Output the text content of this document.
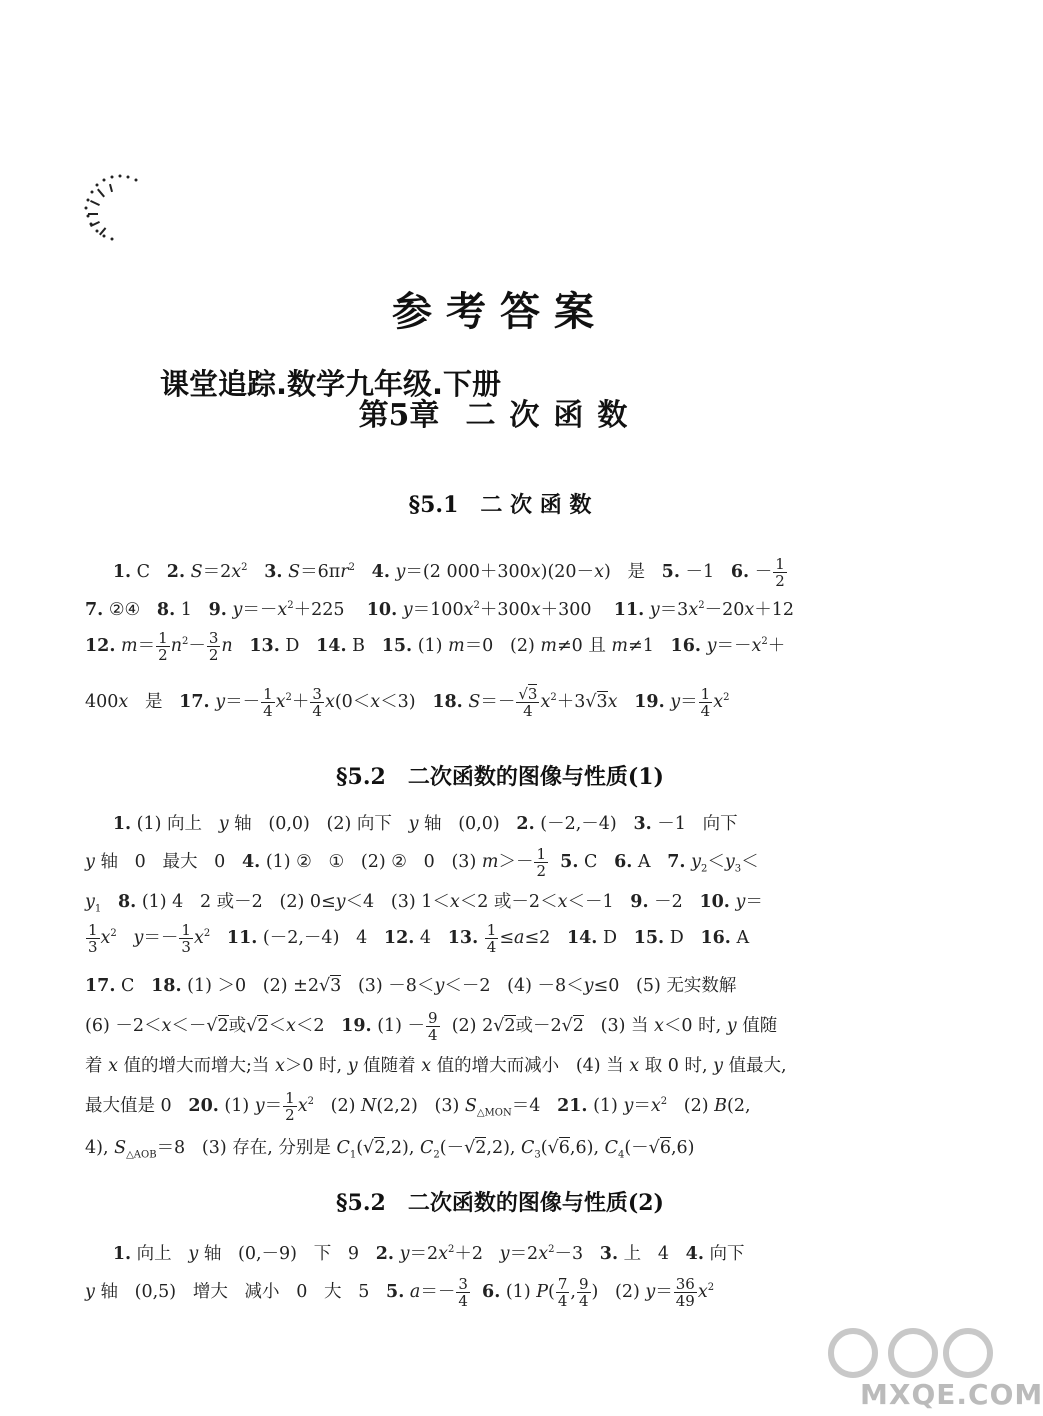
课堂追踪.数学九年级.下册
参考答案
第5章 二次函数
§5.1　二 次 函 数
1. C   2. $S=2x^2$ 3. $S=6\pi r^2$ 4. y＝(2 000＋300x)(20－x)   是   5. －1   6. － $\frac{1}{2}$
7. ②④   8. 1   9. $y=-x^2+225$    10. $y=100x^2+300x+300$    11. $y=3x^2-20x+12$
12. $m= \frac{1}{2} n^2- \frac{3}{2}$ n 13. D   14. B   15. (1) m＝0   (2) m≠0 且 m≠1   16. $y=-x^2+$
400x   是   17. $y=- \frac{1}{4} x^2+ \frac{3}{4} x(0<x<3)$   18. $S=- \frac{√3}{4} x^2+3√3x$ 19. $y= \frac{1}{4} x^2$
§5.2　二次函数的图像与性质(1)
1. (1) 向上   y 轴   (0,0)   (2) 向下   y 轴   (0,0)   2. (－2,－4)   3. －1   向下
y 轴   0   最大   0   4. (1) ②   ①   (2) ②   0   (3) $m>- \frac{1}{2} 5$. C   6. A   7. $y_2<y_3<$
$y_1$ 8. (1) 4   2 或－2   (2) 0≤y＜4   (3) 1＜x＜2 或－2＜x＜－1   9. －2   10. y＝
$\frac{1}{3} x^2$ $y=- \frac{1}{3} x^2$ 11. (－2,－4)   4   12. 4   13. $\frac{1}{4} \le a\le 2$   14. D   15. D   16. A
17. C   18. (1) ＞0   (2) ±2√3   (3) －8＜y＜－2   (4) －8＜y≤0   (5) 无实数解
(6) －2＜x＜－√2或√2＜x＜2   19. $(1) - \frac{9}{4} (2)$ 2√2或－2√2   (3) 当 x＜0 时, y 值随
着 x 值的增大而增大;当 x＞0 时, y 值随着 x 值的增大而减小   (4) 当 x 取 0 时, y 值最大,
最大值是 0   20. (1) $y= \frac{1}{2} x^2$   (2) N(2,2)   (3) $S_{\triangle MON}=4$   21. (1) $y=x^2$   (2) B(2,
4), $S_{\triangle AOB}=8$   (3) 存在, 分别是 $C_1(√2,2)$, $C_2(-√2,2)$, $C_3(√6,6)$, $C_4(-√6,6)$
§5.2　二次函数的图像与性质(2)
1. 向上   y 轴   (0,－9)   下   9   2. $y=2x^2+2$   $y=2x^2-3$   3. 上   4   4. 向下
y 轴   (0,5)   增大   减小   0   大   5   5. $a=- \frac{3}{4} 6$. (1) $P( \frac{7}{4}$ , $\frac{9}{4}$ )   (2) $y= \frac{36}{49} x^2$
MXQE.COM
